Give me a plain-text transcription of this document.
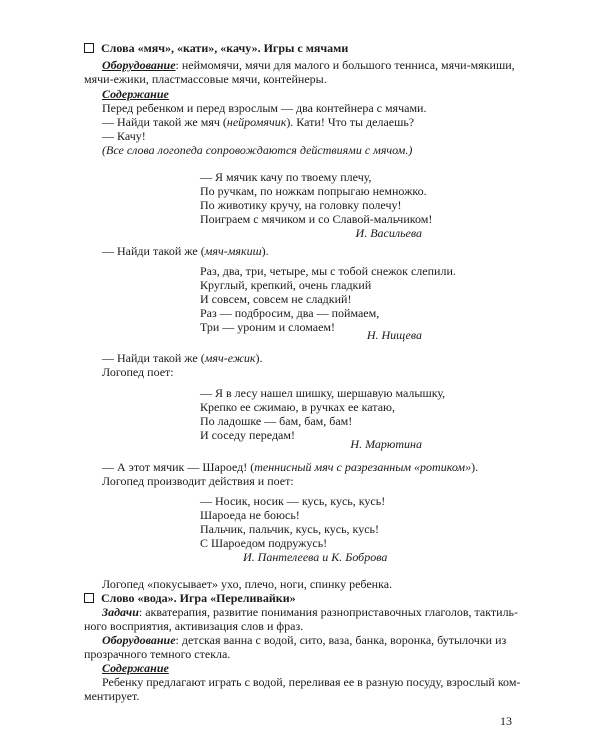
Слова «мяч», «кати», «качу». Игры с мячами
Оборудование: неймомячи, мячи для малого и большого тенниса, мячи-мякиши,
мячи-ежики, пластмассовые мячи, контейнеры.
Содержание
Перед ребенком и перед взрослым — два контейнера с мячами.
— Найди такой же мяч (нейромячик). Кати! Что ты делаешь?
— Качу!
(Все слова логопеда сопровождаются действиями с мячом.)
— Я мячик качу по твоему плечу,
По ручкам, по ножкам попрыгаю немножко.
По животику кручу, на головку полечу!
Поиграем с мячиком и со Славой-мальчиком!
И. Васильева
— Найди такой же (мяч-мякиш).
Раз, два, три, четыре, мы с тобой снежок слепили.
Круглый, крепкий, очень гладкий
И совсем, совсем не сладкий!
Раз — подбросим, два — поймаем,
Три — уроним и сломаем!
Н. Нищева
— Найди такой же (мяч-ежик).
Логопед поет:
— Я в лесу нашел шишку, шершавую малышку,
Крепко ее сжимаю, в ручках ее катаю,
По ладошке — бам, бам, бам!
И соседу передам!
Н. Марютина
— А этот мячик — Шароед! (теннисный мяч с разрезанным «ротиком»).
Логопед производит действия и поет:
— Носик, носик — кусь, кусь, кусь!
Шароеда не боюсь!
Пальчик, пальчик, кусь, кусь, кусь!
С Шароедом подружусь!
И. Пантелеева и К. Боброва
Логопед «покусывает» ухо, плечо, ноги, спинку ребенка.
Слово «вода». Игра «Переливайки»
Задачи: акватерапия, развитие понимания разноприставочных глаголов, тактиль-
ного восприятия, активизация слов и фраз.
Оборудование: детская ванна с водой, сито, ваза, банка, воронка, бутылочки из
прозрачного темного стекла.
Содержание
Ребенку предлагают играть с водой, переливая ее в разную посуду, взрослый ком-
ментирует.
13
